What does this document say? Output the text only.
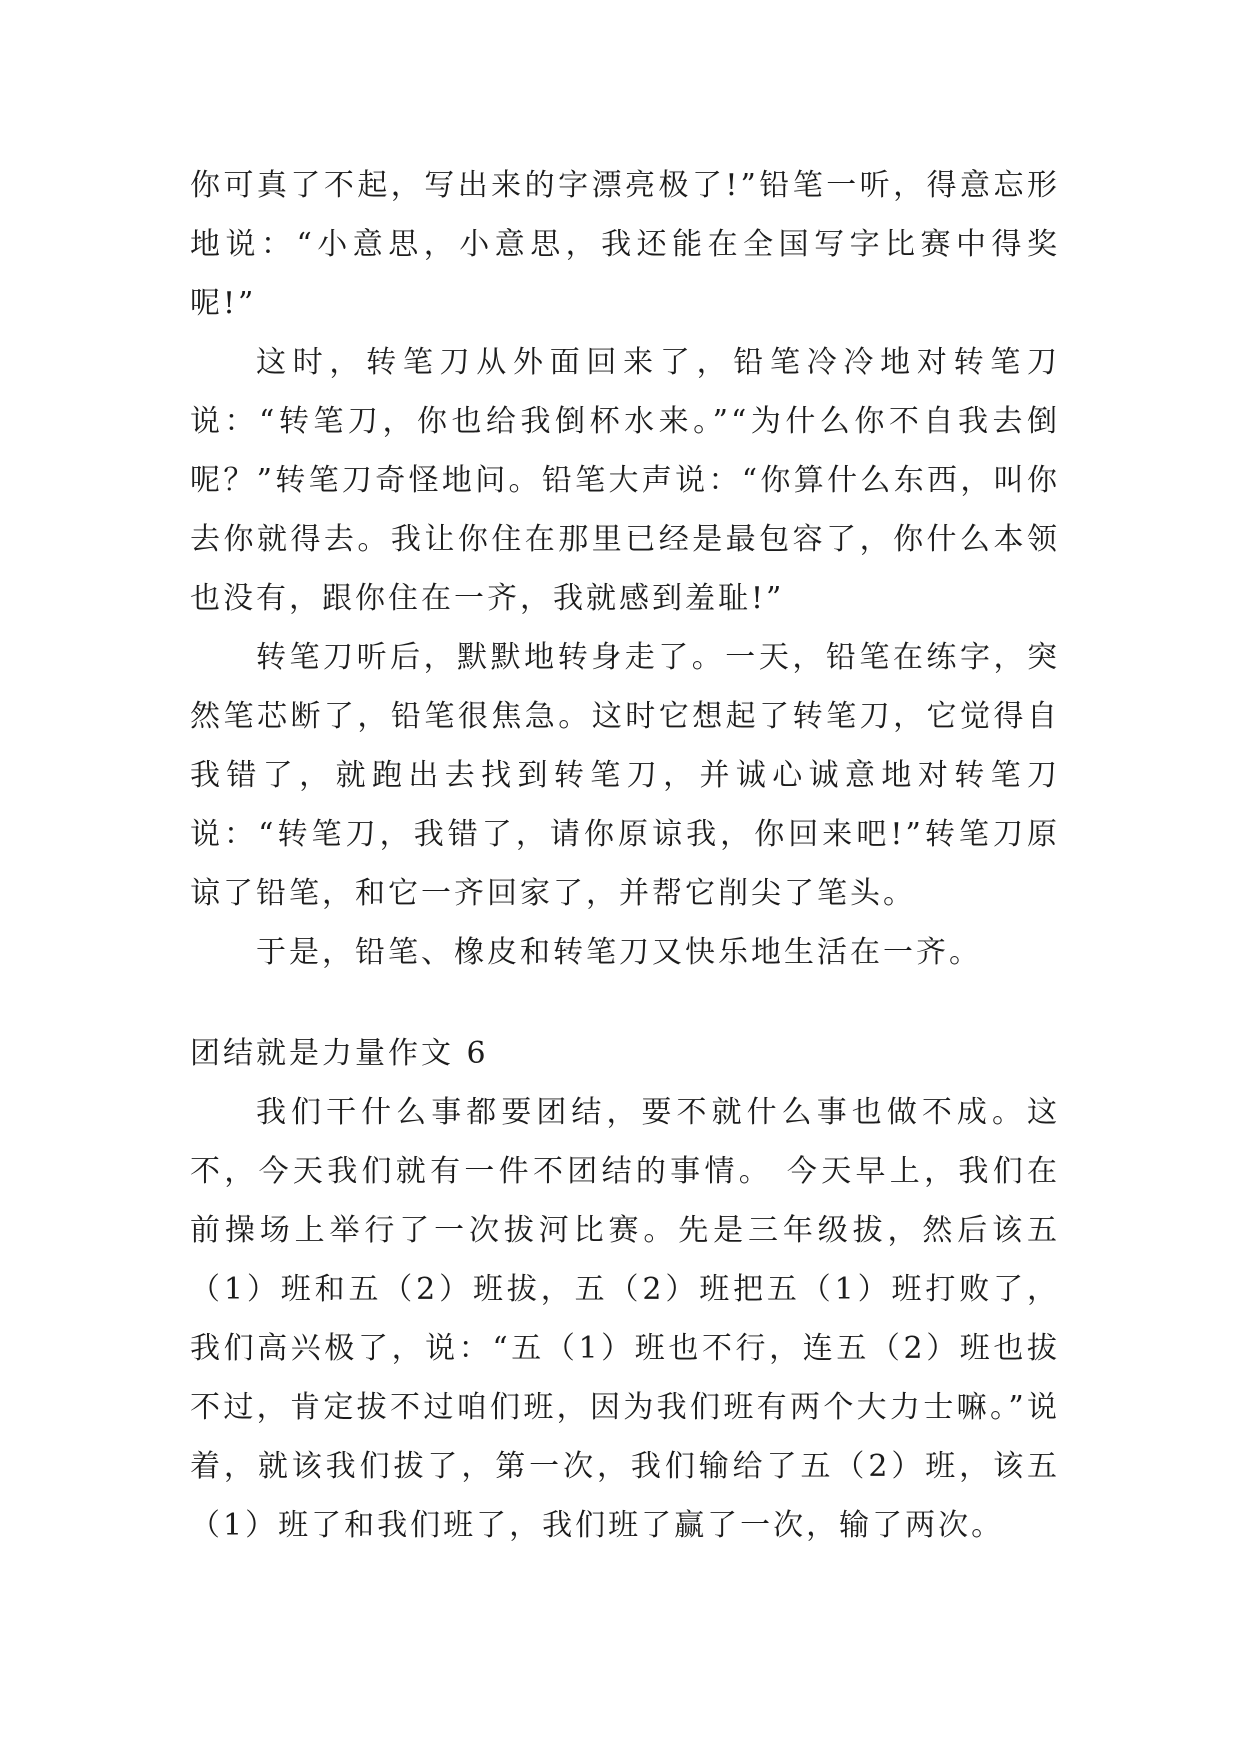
你可真了不起，写出来的字漂亮极了!”铅笔一听，得意忘形地说：“小意思，小意思，我还能在全国写字比赛中得奖呢!”

这时，转笔刀从外面回来了，铅笔冷冷地对转笔刀说：“转笔刀，你也给我倒杯水来。”“为什么你不自我去倒呢？”转笔刀奇怪地问。铅笔大声说：“你算什么东西，叫你去你就得去。我让你住在那里已经是最包容了，你什么本领也没有，跟你住在一齐，我就感到羞耻!”

转笔刀听后，默默地转身走了。一天，铅笔在练字，突然笔芯断了，铅笔很焦急。这时它想起了转笔刀，它觉得自我错了，就跑出去找到转笔刀，并诚心诚意地对转笔刀说：“转笔刀，我错了，请你原谅我，你回来吧!”转笔刀原谅了铅笔，和它一齐回家了，并帮它削尖了笔头。

于是，铅笔、橡皮和转笔刀又快乐地生活在一齐。

团结就是力量作文 6

我们干什么事都要团结，要不就什么事也做不成。这不，今天我们就有一件不团结的事情。 今天早上，我们在前操场上举行了一次拔河比赛。先是三年级拔，然后该五（1）班和五（2）班拔，五（2）班把五（1）班打败了，我们高兴极了，说：“五（1）班也不行，连五（2）班也拔不过，肯定拔不过咱们班，因为我们班有两个大力士嘛。”说着，就该我们拔了，第一次，我们输给了五（2）班，该五（1）班了和我们班了，我们班了赢了一次，输了两次。
